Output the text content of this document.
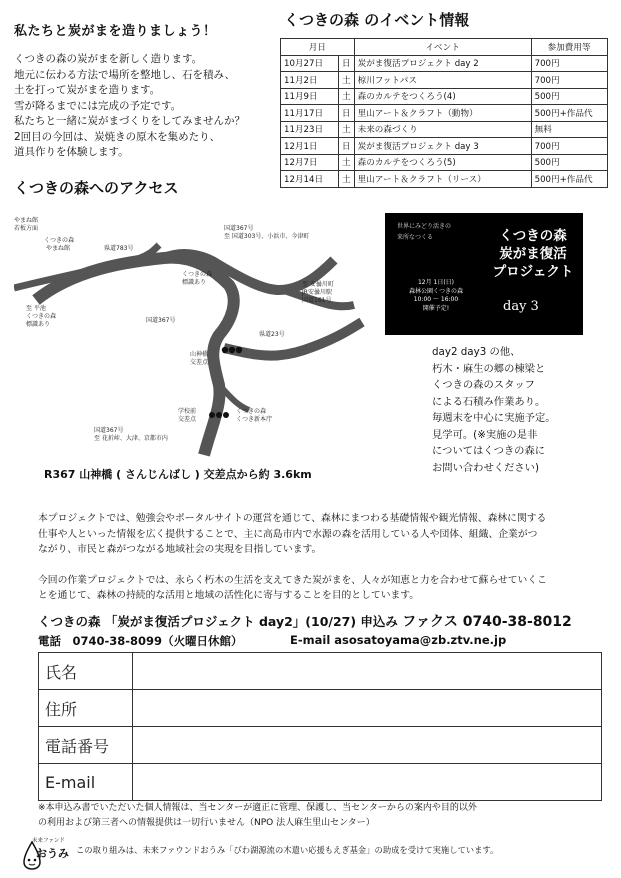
私たちと炭がまを造りましょう！
くつきの森の炭がまを新しく造ります。
地元に伝わる方法で場所を整地し、石を積み、
土を打って炭がまを造ります。
雪が降るまでには完成の予定です。
私たちと一緒に炭がまづくりをしてみませんか？
2回目の今回は、炭焼きの原木を集めたり、
道具作りを体験します。
くつきの森 のイベント情報
月日		イベント	参加費用等
10月27日	日	炭がま復活プロジェクト day 2	700円
11月2日	土	椋川フットパス	700円
11月9日	土	森のカルテをつくろう(4)	500円
11月17日	日	里山アート＆クラフト（動物）	500円+作品代
11月23日	土	未来の森づくり	無料
12月1日	日	炭がま復活プロジェクト day 3	700円
12月7日	土	森のカルテをつくろう(5)	500円
12月14日	土	里山アート＆クラフト（リース）	500円+作品代
くつきの森へのアクセス
やまね館
若板方面
くつきの森
やまね館	県道783号
国道367号
至 国道303号、小浜市、今津町
くつきの森
標識あり
至 平池
くつきの森
標識あり
至 安曇川町
JR安曇川駅
国道161号
国道367号
県道23号
山神橋
交差点
学校前
交差点
くつきの森
くつき新本庁
国道367号
至 花折峠、大津、京都市内
R367 山神橋 ( さんじんばし ) 交差点から約 3.6km
世界にみどり活きの
来所なつくる	くつきの森
炭がま復活
プロジェクト
12月 1日(日)
森林公園くつきの森
10:00 〜 16:00
開催予定!	day 3
day2 day3 の他、
朽木・麻生の郷の棟梁と
くつきの森のスタッフ
による石積み作業あり。
毎週末を中心に実施予定。
見学可。(※実施の是非
についてはくつきの森に
お問い合わせください)
本プロジェクトでは、勉強会やポータルサイトの運営を通じて、森林にまつわる基礎情報や観光情報、森林に関する
仕事や人といった情報を広く提供することで、主に高島市内で水源の森を活用している人や団体、組織、企業がつ
ながり、市民と森がつながる地域社会の実現を目指しています。
今回の作業プロジェクトでは、永らく朽木の生活を支えてきた炭がまを、人々が知恵と力を合わせて蘇らせていくこ
とを通じて、森林の持続的な活用と地域の活性化に寄与することを目的としています。
くつきの森 「炭がま復活プロジェクト day2」(10/27) 申込み ファクス 0740-38-8012
電話　0740-38-8099（火曜日休館）	E-mail asosatoyama@zb.ztv.ne.jp
氏名	
住所	
電話番号	
E-mail	
※本申込み書でいただいた個人情報は、当センターが適正に管理、保護し、当センターからの案内や目的以外
の利用および第三者への情報提供は一切行いません（NPO 法人麻生里山センター）
未来ファンド
おうみ この取り組みは、未来ファウンドおうみ「びわ湖源流の木遣い応援もえぎ基金」の助成を受けて実施しています。
